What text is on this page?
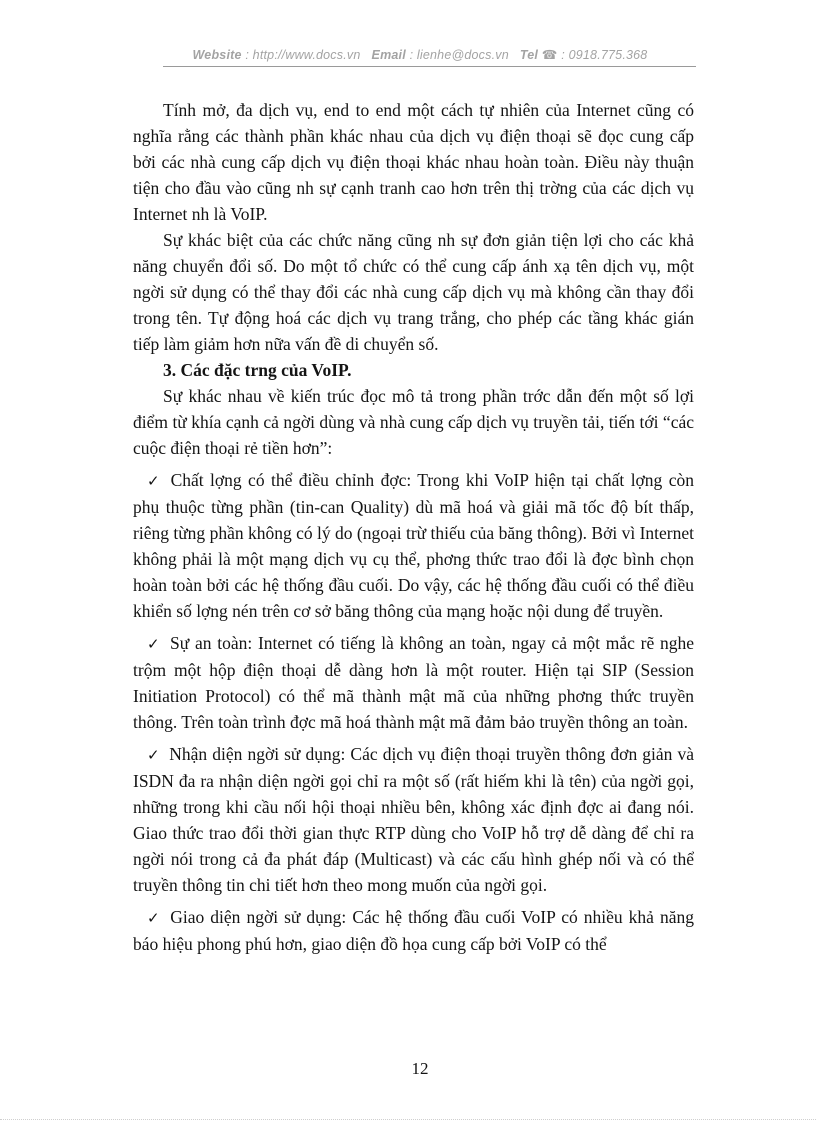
Website : http://www.docs.vn Email : lienhe@docs.vn Tel ☎ : 0918.775.368

Tính mở, đa dịch vụ, end to end một cách tự nhiên của Internet cũng có nghĩa rằng các thành phần khác nhau của dịch vụ điện thoại sẽ đọc cung cấp bởi các nhà cung cấp dịch vụ điện thoại khác nhau hoàn toàn. Điều này thuận tiện cho đầu vào cũng nh sự cạnh tranh cao hơn trên thị trờng của các dịch vụ Internet nh là VoIP.

Sự khác biệt của các chức năng cũng nh sự đơn giản tiện lợi cho các khả năng chuyển đổi số. Do một tổ chức có thể cung cấp ánh xạ tên dịch vụ, một ngời sử dụng có thể thay đổi các nhà cung cấp dịch vụ mà không cần thay đổi trong tên. Tự động hoá các dịch vụ trang trắng, cho phép các tầng khác gián tiếp làm giảm hơn nữa vấn đề di chuyển số.

3. Các đặc trng của VoIP.

Sự khác nhau về kiến trúc đọc mô tả trong phần trớc dẫn đến một số lợi điểm từ khía cạnh cả ngời dùng và nhà cung cấp dịch vụ truyền tải, tiến tới “các cuộc điện thoại rẻ tiền hơn”:

✓ Chất lợng có thể điều chỉnh đợc: Trong khi VoIP hiện tại chất lợng còn phụ thuộc từng phần (tin-can Quality) dù mã hoá và giải mã tốc độ bít thấp, riêng từng phần không có lý do (ngoại trừ thiếu của băng thông). Bởi vì Internet không phải là một mạng dịch vụ cụ thể, phơng thức trao đổi là đợc bình chọn hoàn toàn bởi các hệ thống đầu cuối. Do vậy, các hệ thống đầu cuối có thể điều khiển số lợng nén trên cơ sở băng thông của mạng hoặc nội dung để truyền.

✓ Sự an toàn: Internet có tiếng là không an toàn, ngay cả một mắc rẽ nghe trộm một hộp điện thoại dễ dàng hơn là một router. Hiện tại SIP (Session Initiation Protocol) có thể mã thành mật mã của những phơng thức truyền thông. Trên toàn trình đợc mã hoá thành mật mã đảm bảo truyền thông an toàn.

✓ Nhận diện ngời sử dụng: Các dịch vụ điện thoại truyền thông đơn giản và ISDN đa ra nhận diện ngời gọi chỉ ra một số (rất hiếm khi là tên) của ngời gọi, những trong khi cầu nối hội thoại nhiều bên, không xác định đợc ai đang nói. Giao thức trao đổi thời gian thực RTP dùng cho VoIP hỗ trợ dễ dàng để chỉ ra ngời nói trong cả đa phát đáp (Multicast) và các cấu hình ghép nối và có thể truyền thông tin chi tiết hơn theo mong muốn của ngời gọi.

✓ Giao diện ngời sử dụng: Các hệ thống đầu cuối VoIP có nhiều khả năng báo hiệu phong phú hơn, giao diện đồ họa cung cấp bởi VoIP có thể

12
